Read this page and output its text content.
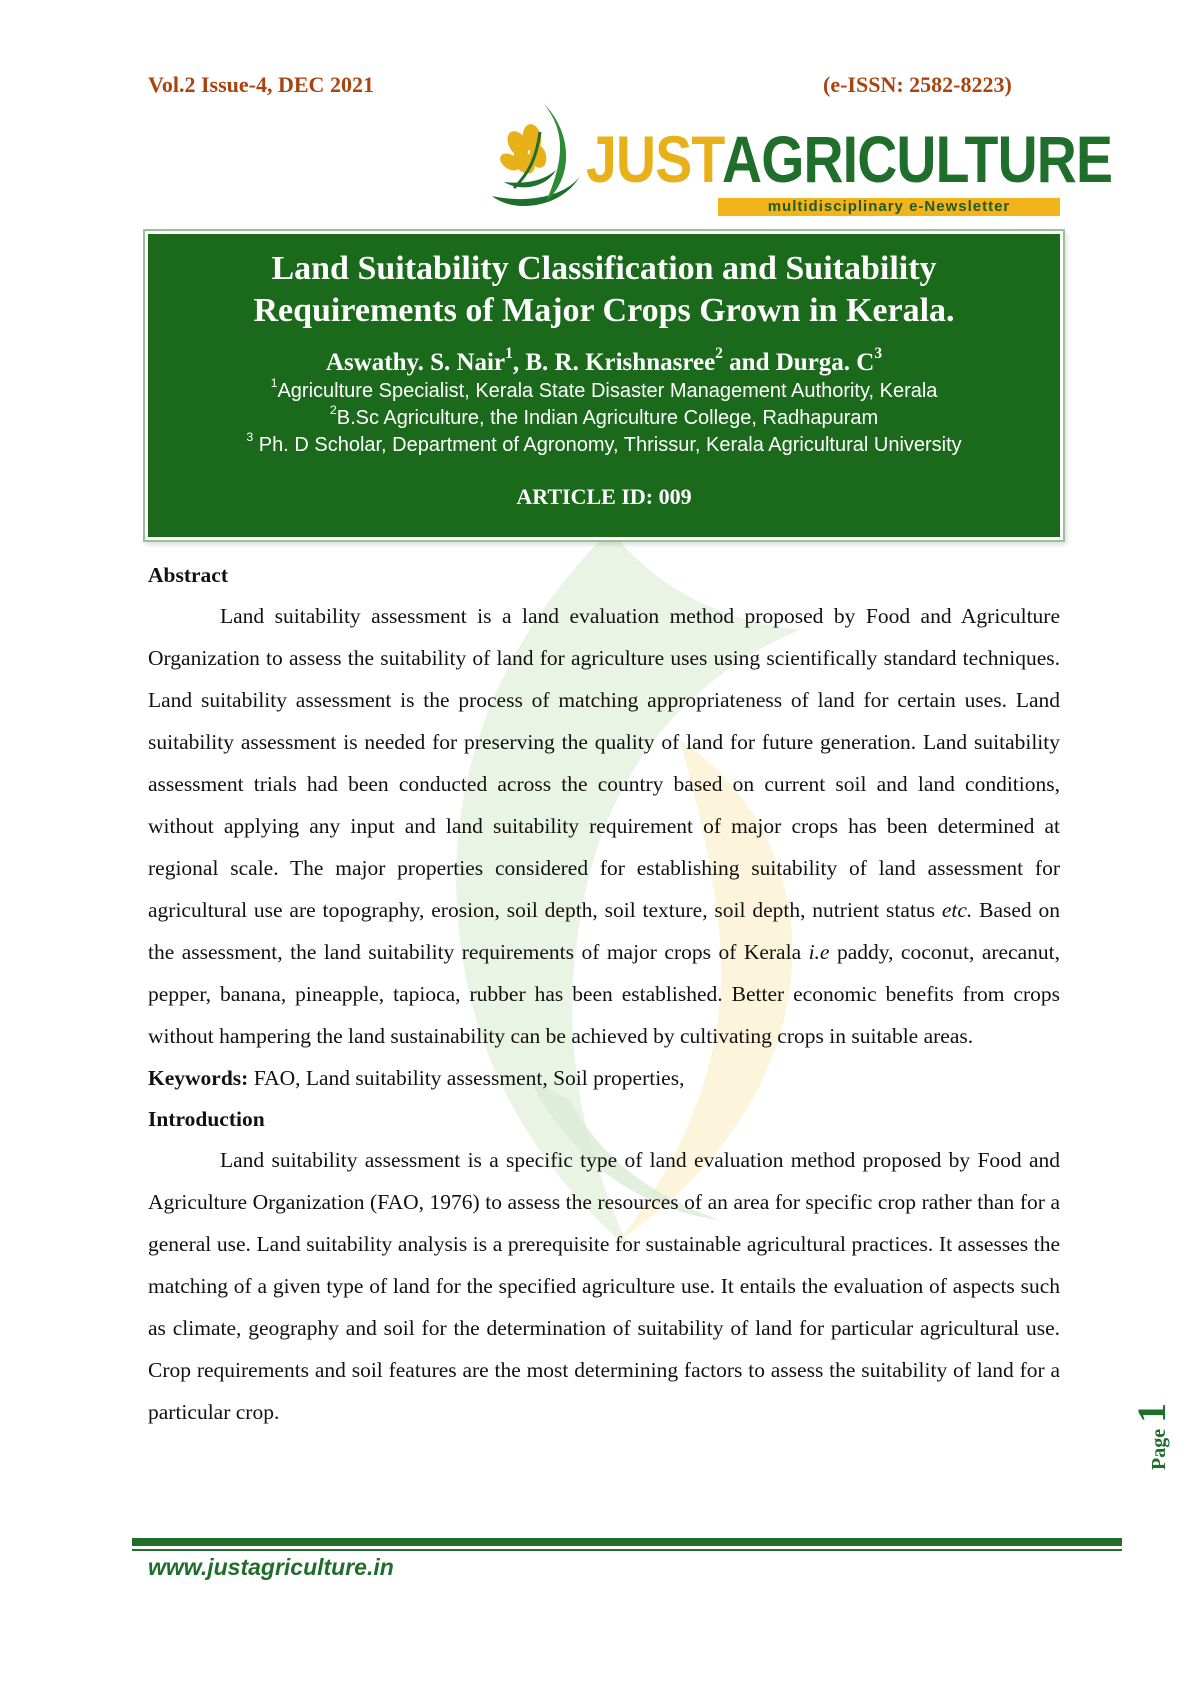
Vol.2 Issue-4, DEC 2021	(e-ISSN: 2582-8223)
JUST
AGRICULTURE
multidisciplinary e-Newsletter
Land Suitability Classification and Suitability Requirements of Major Crops Grown in Kerala.
Aswathy. S. Nair$^1$, B. R. Krishnasree$^2$ and Durga. $C^3$
$^1$Agriculture Specialist, Kerala State Disaster Management Authority, Kerala
$^2$B.Sc Agriculture, the Indian Agriculture College, Radhapuram
$^3$ Ph. D Scholar, Department of Agronomy, Thrissur, Kerala Agricultural University
ARTICLE ID: 009
Abstract
Land suitability assessment is a land evaluation method proposed by Food and Agriculture Organization to assess the suitability of land for agriculture uses using scientifically standard techniques. Land suitability assessment is the process of matching appropriateness of land for certain uses. Land suitability assessment is needed for preserving the quality of land for future generation. Land suitability assessment trials had been conducted across the country based on current soil and land conditions, without applying any input and land suitability requirement of major crops has been determined at regional scale. The major properties considered for establishing suitability of land assessment for agricultural use are topography, erosion, soil depth, soil texture, soil depth, nutrient status etc. Based on the assessment, the land suitability requirements of major crops of Kerala i.e paddy, coconut, arecanut, pepper, banana, pineapple, tapioca, rubber has been established. Better economic benefits from crops without hampering the land sustainability can be achieved by cultivating crops in suitable areas.
Keywords: FAO, Land suitability assessment, Soil properties,
Introduction
Land suitability assessment is a specific type of land evaluation method proposed by Food and Agriculture Organization (FAO, 1976) to assess the resources of an area for specific crop rather than for a general use. Land suitability analysis is a prerequisite for sustainable agricultural practices. It assesses the matching of a given type of land for the specified agriculture use. It entails the evaluation of aspects such as climate, geography and soil for the determination of suitability of land for particular agricultural use. Crop requirements and soil features are the most determining factors to assess the suitability of land for a particular crop.
www.justagriculture.in
Page1
